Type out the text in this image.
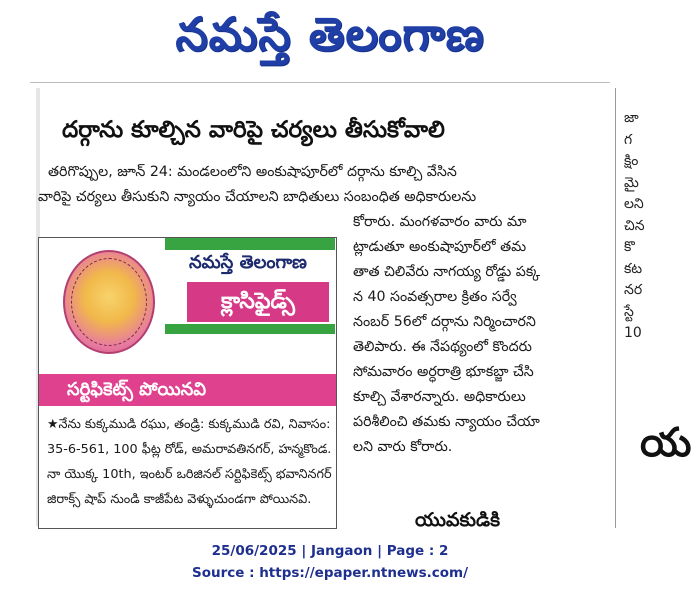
నమస్తే తెలంగాణ
దర్గాను కూల్చిన వారిపై చర్యలు తీసుకోవాలి
తరిగొప్పుల, జూన్ 24: మండలంలోని అంకుషాపూర్‌లో దర్గాను కూల్చి వేసిన
వారిపై చర్యలు తీసుకుని న్యాయం చేయాలని బాధితులు సంబంధిత అధికారులను
కోరారు. మంగళవారం వారు మా
ట్లాడుతూ అంకుషాపూర్‌లో తమ
తాత చిలివేరు నాగయ్య రోడ్డు పక్క
న 40 సంవత్సరాల క్రితం సర్వే
నంబర్ 56లో దర్గాను నిర్మించారని
తెలిపారు. ఈ నేపథ్యంలో కొందరు
సోమవారం అర్ధరాత్రి భూకబ్జా చేసి
కూల్చి వేశారన్నారు. అధికారులు
పరిశీలించి తమకు న్యాయం చేయా
లని వారు కోరారు.
నమస్తే తెలంగాణ
క్లాసిఫైడ్స్
సర్టిఫికెట్స్ పోయినవి
★నేను కుక్కముడి రఘు, తండ్రి: కుక్కముడి రవి, నివాసం:
35-6-561, 100 ఫీట్ల రోడ్, అమరావతినగర్, హన్మకొండ.
నా యొక్క 10th, ఇంటర్ ఒరిజినల్ సర్టిఫికెట్స్ భవానినగర్
జిరాక్స్ షాప్ నుండి కాజీపేట వెళ్ళుచుండగా పోయినవి.
యువకుడికి
జా
గ
క్షిం
మై
లని
చిన
కొ
కట
నర
స్టే
10
య
25/06/2025 | Jangaon | Page : 2
Source : https://epaper.ntnews.com/
